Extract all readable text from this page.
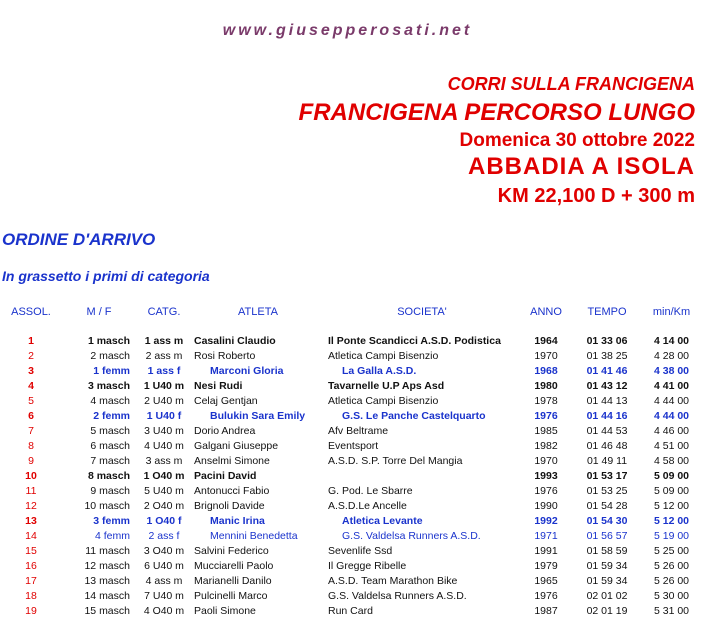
www.giusepperosati.net
CORRI SULLA FRANCIGENA
FRANCIGENA PERCORSO LUNGO
Domenica 30 ottobre 2022
ABBADIA A ISOLA
KM 22,100 D + 300 m
ORDINE D'ARRIVO
In grassetto i primi di categoria
ASSOL.	M / F	CATG.	ATLETA	SOCIETA'	ANNO	TEMPO	min/Km

1	1 masch	1 ass m	Casalini Claudio	Il Ponte Scandicci A.S.D. Podistica	1964	01 33 06	4 14 00
2	2 masch	2 ass m	Rosi Roberto	Atletica Campi Bisenzio	1970	01 38 25	4 28 00
3	1 femm	1 ass f	Marconi Gloria	La Galla A.S.D.	1968	01 41 46	4 38 00
4	3 masch	1 U40 m	Nesi Rudi	Tavarnelle U.P Aps Asd	1980	01 43 12	4 41 00
5	4 masch	2 U40 m	Celaj Gentjan	Atletica Campi Bisenzio	1978	01 44 13	4 44 00
6	2 femm	1 U40 f	Bulukin Sara Emily	G.S. Le Panche Castelquarto	1976	01 44 16	4 44 00
7	5 masch	3 U40 m	Dorio Andrea	Afv Beltrame	1985	01 44 53	4 46 00
8	6 masch	4 U40 m	Galgani Giuseppe	Eventsport	1982	01 46 48	4 51 00
9	7 masch	3 ass m	Anselmi Simone	A.S.D. S.P. Torre Del Mangia	1970	01 49 11	4 58 00
10	8 masch	1 O40 m	Pacini David		1993	01 53 17	5 09 00
11	9 masch	5 U40 m	Antonucci Fabio	G. Pod. Le Sbarre	1976	01 53 25	5 09 00
12	10 masch	2 O40 m	Brignoli Davide	A.S.D.Le Ancelle	1990	01 54 28	5 12 00
13	3 femm	1 O40 f	Manic Irina	Atletica Levante	1992	01 54 30	5 12 00
14	4 femm	2 ass f	Mennini Benedetta	G.S. Valdelsa Runners A.S.D.	1971	01 56 57	5 19 00
15	11 masch	3 O40 m	Salvini Federico	Sevenlife Ssd	1991	01 58 59	5 25 00
16	12 masch	6 U40 m	Mucciarelli Paolo	Il Gregge Ribelle	1979	01 59 34	5 26 00
17	13 masch	4 ass m	Marianelli Danilo	A.S.D. Team Marathon Bike	1965	01 59 34	5 26 00
18	14 masch	7 U40 m	Pulcinelli Marco	G.S. Valdelsa Runners A.S.D.	1976	02 01 02	5 30 00
19	15 masch	4 O40 m	Paoli Simone	Run Card	1987	02 01 19	5 31 00
